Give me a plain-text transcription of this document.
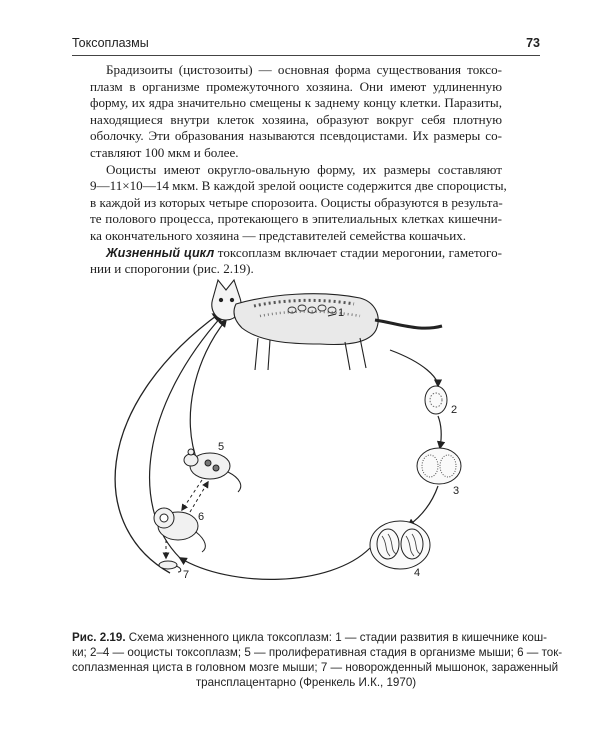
Токсоплазмы	73
Брадизоиты (цистозоиты) — основная форма существования токсо-
плазм в организме промежуточного хозяина. Они имеют удлиненную
форму, их ядра значительно смещены к заднему концу клетки. Паразиты,
находящиеся внутри клеток хозяина, образуют вокруг себя плотную
оболочку. Эти образования называются псевдоцистами. Их размеры со-
ставляют 100 мкм и более.
Ооцисты имеют округло-овальную форму, их размеры составляют
9—11×10—14 мкм. В каждой зрелой ооцисте содержится две спороцисты,
в каждой из которых четыре спорозоита. Ооцисты образуются в результа-
те полового процесса, протекающего в эпителиальных клетках кишечни-
ка окончательного хозяина — представителей семейства кошачьих.
Жизненный цикл токсоплазм включает стадии мерогонии, гаметого-
нии и спорогонии (рис. 2.19).
1
2
3
4
5
6
7
Рис. 2.19. Схема жизненного цикла токсоплазм: 1 — стадии развития в кишечнике кош-
ки; 2–4 — ооцисты токсоплазм; 5 — пролиферативная стадия в организме мыши; 6 — ток-
соплазменная циста в головном мозге мыши; 7 — новорожденный мышонок, зараженный
трансплацентарно (Френкель И.К., 1970)
